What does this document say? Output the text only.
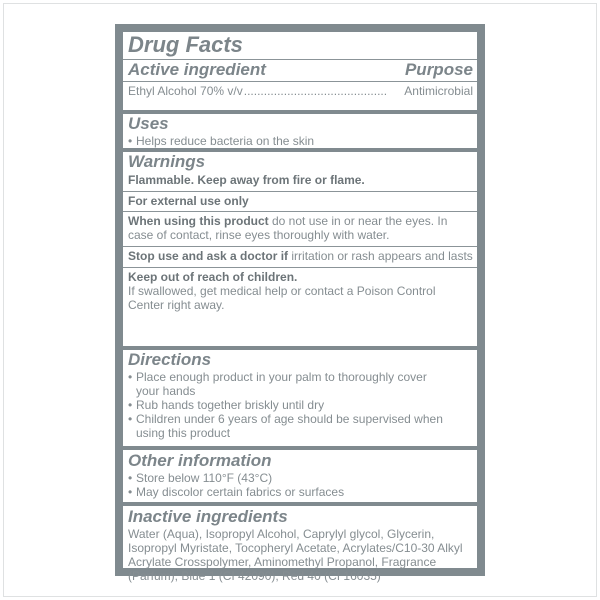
Drug Facts
Active ingredient	Purpose
Ethyl Alcohol 70% v/v ...........................................	Antimicrobial
Uses
• Helps reduce bacteria on the skin
Warnings
Flammable. Keep away from fire or flame.
For external use only
When using this product do not use in or near the eyes. In case of contact, rinse eyes thoroughly with water.
Stop use and ask a doctor if irritation or rash appears and lasts
Keep out of reach of children.
If swallowed, get medical help or contact a Poison Control Center right away.
Directions
• Place enough product in your palm to thoroughly cover your hands
• Rub hands together briskly until dry
• Children under 6 years of age should be supervised when using this product
Other information
• Store below 110°F (43°C)
• May discolor certain fabrics or surfaces
Inactive ingredients
Water (Aqua), Isopropyl Alcohol, Caprylyl glycol, Glycerin, Isopropyl Myristate, Tocopheryl Acetate, Acrylates/C10-30 Alkyl Acrylate Crosspolymer, Aminomethyl Propanol, Fragrance (Parfum), Blue 1 (CI 42090), Red 40 (CI 16035)
